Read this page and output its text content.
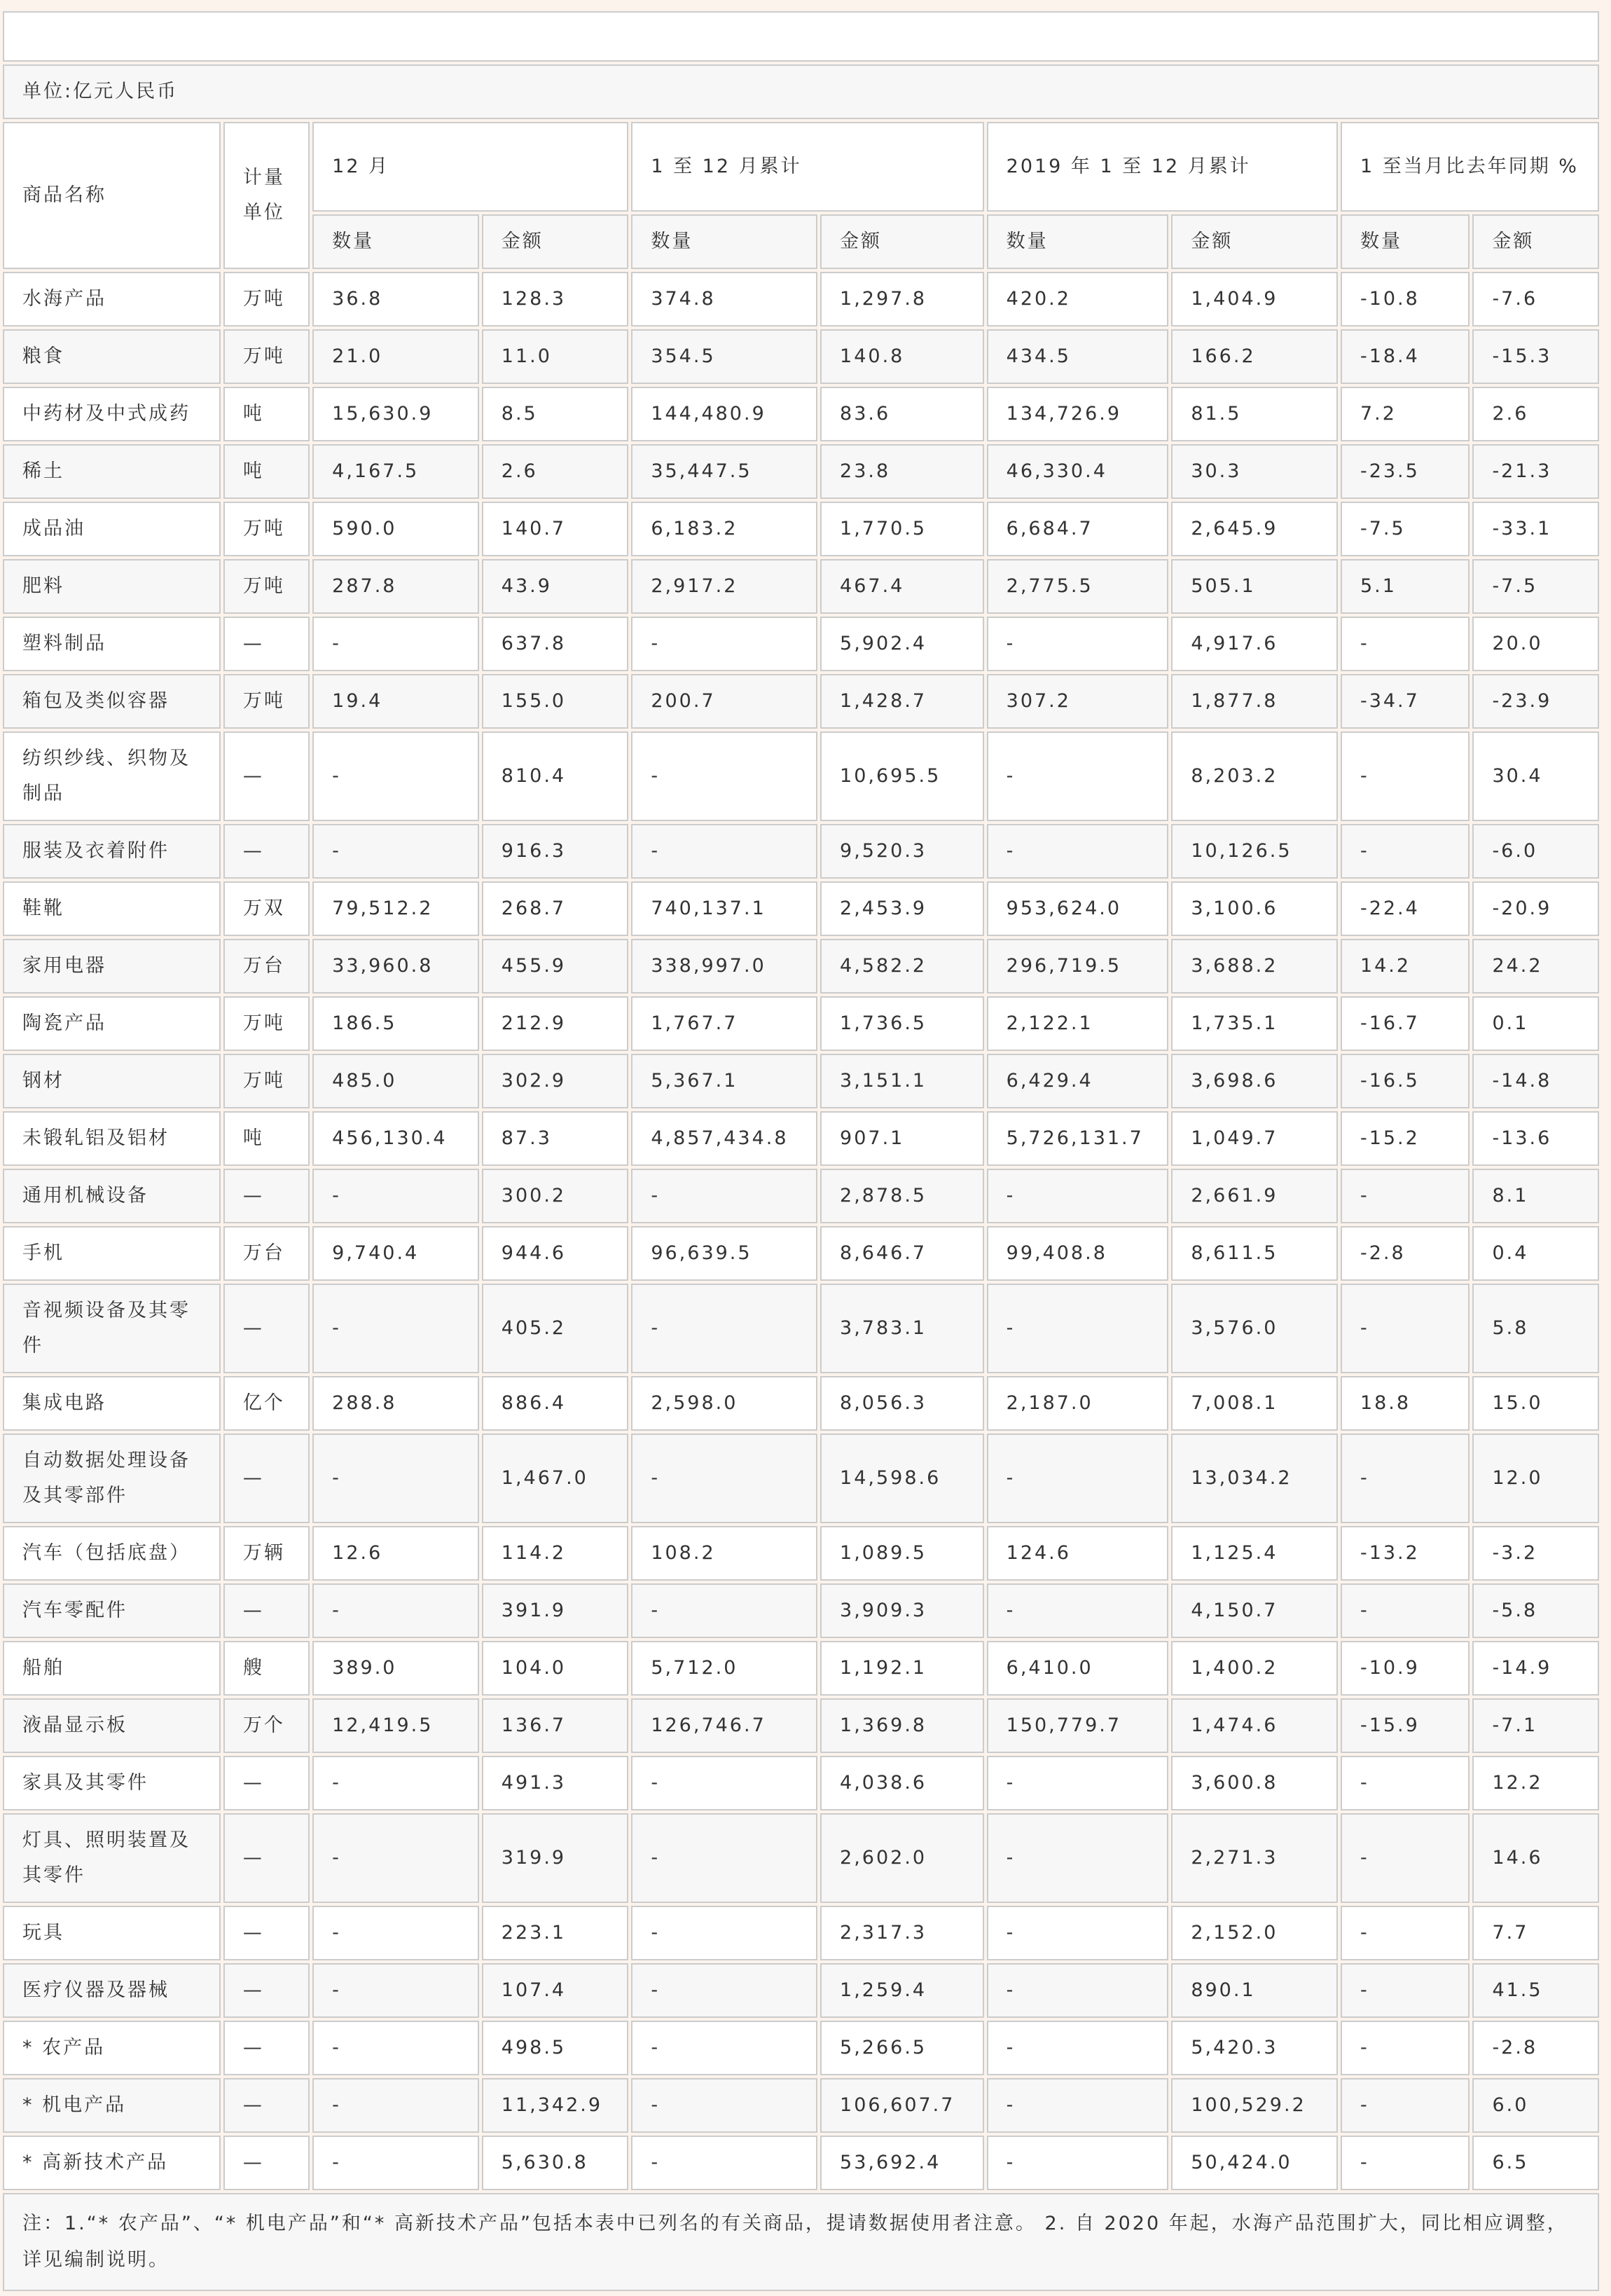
单位:亿元人民币									
商品名称	计量单位	12 月		1 至 12 月累计		2019 年 1 至 12 月累计		1 至当月比去年同期 %	
		数量	金额	数量	金额	数量	金额	数量	金额
水海产品	万吨	36.8	128.3	374.8	1,297.8	420.2	1,404.9	-10.8	-7.6
粮食	万吨	21.0	11.0	354.5	140.8	434.5	166.2	-18.4	-15.3
中药材及中式成药	吨	15,630.9	8.5	144,480.9	83.6	134,726.9	81.5	7.2	2.6
稀土	吨	4,167.5	2.6	35,447.5	23.8	46,330.4	30.3	-23.5	-21.3
成品油	万吨	590.0	140.7	6,183.2	1,770.5	6,684.7	2,645.9	-7.5	-33.1
肥料	万吨	287.8	43.9	2,917.2	467.4	2,775.5	505.1	5.1	-7.5
塑料制品	—	-	637.8	-	5,902.4	-	4,917.6	-	20.0
箱包及类似容器	万吨	19.4	155.0	200.7	1,428.7	307.2	1,877.8	-34.7	-23.9
纺织纱线、织物及制品	—	-	810.4	-	10,695.5	-	8,203.2	-	30.4
服装及衣着附件	—	-	916.3	-	9,520.3	-	10,126.5	-	-6.0
鞋靴	万双	79,512.2	268.7	740,137.1	2,453.9	953,624.0	3,100.6	-22.4	-20.9
家用电器	万台	33,960.8	455.9	338,997.0	4,582.2	296,719.5	3,688.2	14.2	24.2
陶瓷产品	万吨	186.5	212.9	1,767.7	1,736.5	2,122.1	1,735.1	-16.7	0.1
钢材	万吨	485.0	302.9	5,367.1	3,151.1	6,429.4	3,698.6	-16.5	-14.8
未锻轧铝及铝材	吨	456,130.4	87.3	4,857,434.8	907.1	5,726,131.7	1,049.7	-15.2	-13.6
通用机械设备	—	-	300.2	-	2,878.5	-	2,661.9	-	8.1
手机	万台	9,740.4	944.6	96,639.5	8,646.7	99,408.8	8,611.5	-2.8	0.4
音视频设备及其零件	—	-	405.2	-	3,783.1	-	3,576.0	-	5.8
集成电路	亿个	288.8	886.4	2,598.0	8,056.3	2,187.0	7,008.1	18.8	15.0
自动数据处理设备及其零部件	—	-	1,467.0	-	14,598.6	-	13,034.2	-	12.0
汽车（包括底盘）	万辆	12.6	114.2	108.2	1,089.5	124.6	1,125.4	-13.2	-3.2
汽车零配件	—	-	391.9	-	3,909.3	-	4,150.7	-	-5.8
船舶	艘	389.0	104.0	5,712.0	1,192.1	6,410.0	1,400.2	-10.9	-14.9
液晶显示板	万个	12,419.5	136.7	126,746.7	1,369.8	150,779.7	1,474.6	-15.9	-7.1
家具及其零件	—	-	491.3	-	4,038.6	-	3,600.8	-	12.2
灯具、照明装置及其零件	—	-	319.9	-	2,602.0	-	2,271.3	-	14.6
玩具	—	-	223.1	-	2,317.3	-	2,152.0	-	7.7
医疗仪器及器械	—	-	107.4	-	1,259.4	-	890.1	-	41.5
* 农产品	—	-	498.5	-	5,266.5	-	5,420.3	-	-2.8
* 机电产品	—	-	11,342.9	-	106,607.7	-	100,529.2	-	6.0
* 高新技术产品	—	-	5,630.8	-	53,692.4	-	50,424.0	-	6.5
注：1.“* 农产品”、“* 机电产品”和“* 高新技术产品”包括本表中已列名的有关商品，提请数据使用者注意。 2. 自 2020 年起，水海产品范围扩大，同比相应调整，详见编制说明。									
